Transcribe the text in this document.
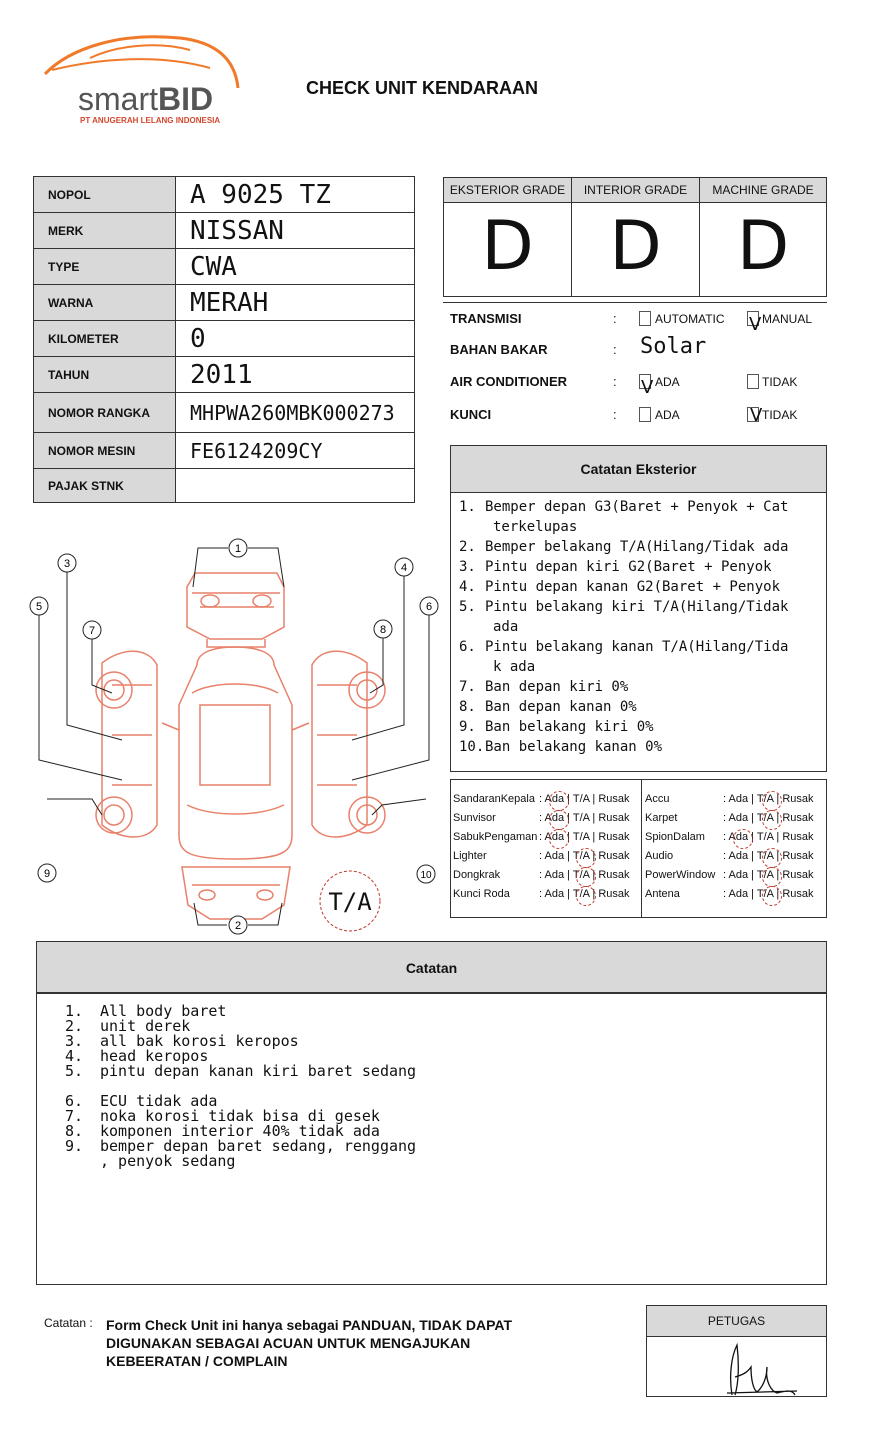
smartBID
PT ANUGERAH LELANG INDONESIA
CHECK UNIT KENDARAAN
NOPOL	A 9025 TZ
MERK	NISSAN
TYPE	CWA
WARNA	MERAH
KILOMETER	0
TAHUN	2011
NOMOR RANGKA	MHPWA260MBK000273
NOMOR MESIN	FE6124209CY
PAJAK STNK	
EKSTERIOR GRADE
D
INTERIOR GRADE
D
MACHINE GRADE
D
TRANSMISI	:	AUTOMATIC V MANUAL
BAHAN BAKAR	: Solar
AIR CONDITIONER	: V ADA	TIDAK
KUNCI	:	ADA	V TIDAK
Catatan Eksterior
1. Bemper depan G3(Baret + Penyok + Cat
terkelupas
2. Bemper belakang T/A(Hilang/Tidak ada
3. Pintu depan kiri G2(Baret + Penyok
4. Pintu depan kanan G2(Baret + Penyok
5. Pintu belakang kiri T/A(Hilang/Tidak
ada
6. Pintu belakang kanan T/A(Hilang/Tida
k ada
7. Ban depan kiri 0%
8. Ban depan kanan 0%
9. Ban belakang kiri 0%
10. Ban belakang kanan 0%
SandaranKepala : Ada | T/A | Rusak
Sunvisor	: Ada | T/A | Rusak
SabukPengaman : Ada | T/A | Rusak
Lighter	: Ada | T/A | Rusak
Dongkrak	: Ada | T/A | Rusak
Kunci Roda	: Ada | T/A | Rusak
Accu	: Ada | T/A | Rusak
Karpet	: Ada | T/A | Rusak
SpionDalam : Ada | T/A | Rusak
Audio	: Ada | T/A | Rusak
PowerWindow : Ada | T/A | Rusak
Antena	: Ada | T/A | Rusak
1
2
3	4
5	6
7	8
9	10
T/A
Catatan
1. All body baret
2. unit derek
3. all bak korosi keropos
4. head keropos
5. pintu depan kanan kiri baret sedang
6. ECU tidak ada
7. noka korosi tidak bisa di gesek
8. komponen interior 40% tidak ada
9. bemper depan baret sedang, renggang
, penyok sedang
Catatan : Form Check Unit ini hanya sebagai PANDUAN, TIDAK DAPAT
DIGUNAKAN SEBAGAI ACUAN UNTUK MENGAJUKAN
KEBEERATAN / COMPLAIN
PETUGAS
